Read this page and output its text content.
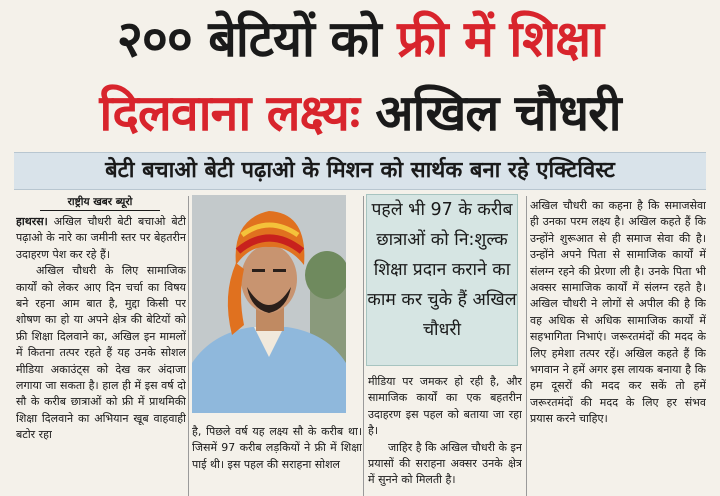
२०० बेटियों को फ्री में शिक्षा
दिलवाना लक्ष्यः अखिल चौधरी
बेटी बचाओ बेटी पढ़ाओ के मिशन को सार्थक बना रहे एक्टिविस्ट
राष्ट्रीय खबर ब्यूरो

हाथरस। अखिल चौधरी बेटी बचाओ बेटी पढ़ाओ के नारे का जमीनी स्तर पर बेहतरीन उदाहरण पेश कर रहे हैं।

अखिल चौधरी के लिए सामाजिक कार्यों को लेकर आए दिन चर्चा का विषय बने रहना आम बात है, मुद्दा किसी पर शोषण का हो या अपने क्षेत्र की बेटियों को फ्री शिक्षा दिलवाने का, अखिल इन मामलों में कितना तत्पर रहते हैं यह उनके सोशल मीडिया अकाउंट्स को देख कर अंदाजा लगाया जा सकता है। हाल ही में इस वर्ष दो सौ के करीब छात्राओं को फ्री में प्राथमिकी शिक्षा दिलवाने का अभियान खूब वाहवाही बटोर रहा	है, पिछले वर्ष यह लक्ष्य सौ के करीब था। जिसमें 97 करीब लड़कियों ने फ्री में शिक्षा पाई थी। इस पहल की सराहना सोशल

पहले भी 97 के करीब छात्राओं को नि:शुल्क शिक्षा प्रदान कराने का काम कर चुके हैं अखिल चौधरी

मीडिया पर जमकर हो रही है, और सामाजिक कार्यों का एक बहतरीन उदाहरण इस पहल को बताया जा रहा है।

जाहिर है कि अखिल चौधरी के इन प्रयासों की सराहना अक्सर उनके क्षेत्र में सुनने को मिलती है।

अखिल चौधरी का कहना है कि समाजसेवा ही उनका परम लक्ष्य है। अखिल कहते हैं कि उन्होंने शुरूआत से ही समाज सेवा की है। उन्होंने अपने पिता से सामाजिक कार्यों में संलग्न रहने की प्रेरणा ली है। उनके पिता भी अक्सर सामाजिक कार्यों में संलग्न रहते है। अखिल चौधरी ने लोगों से अपील की है कि वह अधिक से अधिक सामाजिक कार्यों में सहभागिता निभाएं। जरूरतमंदों की मदद के लिए हमेशा तत्पर रहें। अखिल कहते हैं कि भगवान ने हमें अगर इस लायक बनाया है कि हम दूसरों की मदद कर सकें तो हमें जरूरतमंदों की मदद के लिए हर संभव प्रयास करने चाहिए।
